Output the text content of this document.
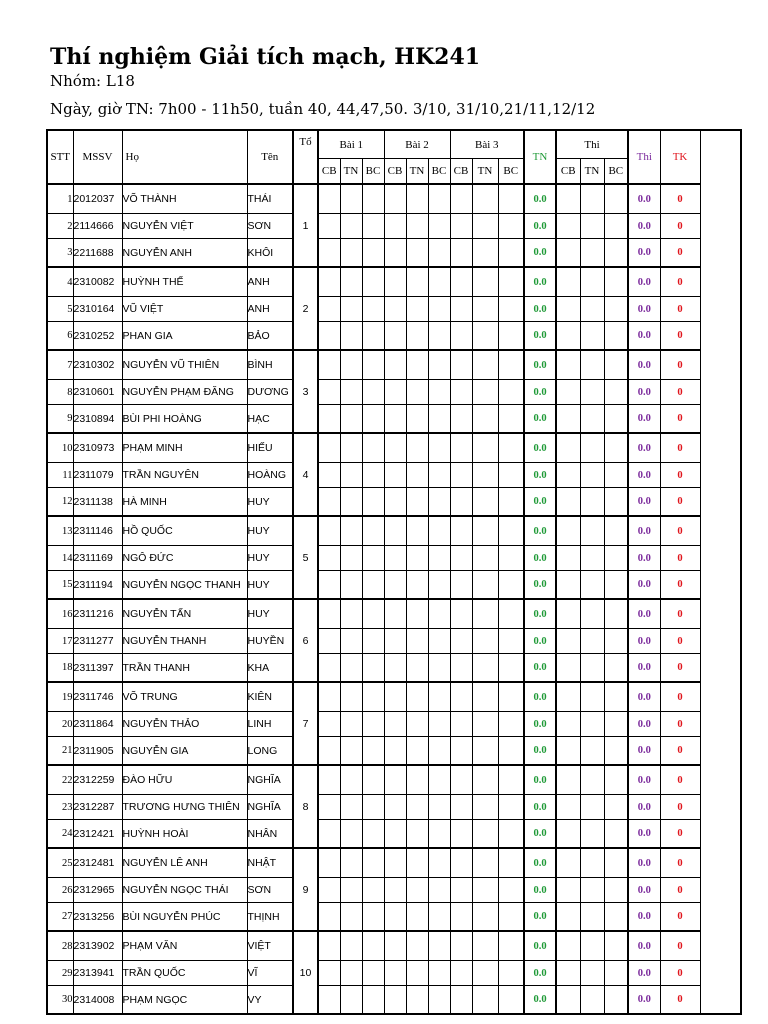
Thí nghiệm Giải tích mạch, HK241
Nhóm: L18
Ngày, giờ TN: 7h00 - 11h50, tuần 40, 44,47,50. 3/10, 31/10,21/11,12/12
STT	MSSV	Họ	Tên	Tổ	Bài 1			Bài 2			Bài 3			TN	Thi			Thi	TK
					CB	TN	BC	CB	TN	BC	CB	TN	BC		CB	TN	BC		
1	2012037	VÕ THÀNH	THÁI	1										0.0				0.0	0
2	2114666	NGUYỄN VIỆT	SƠN											0.0				0.0	0
3	2211688	NGUYỄN ANH	KHÔI											0.0				0.0	0
4	2310082	HUỲNH THẾ	ANH	2										0.0				0.0	0
5	2310164	VŨ VIỆT	ANH											0.0				0.0	0
6	2310252	PHAN GIA	BẢO											0.0				0.0	0
7	2310302	NGUYỄN VŨ THIÊN	BÌNH	3										0.0				0.0	0
8	2310601	NGUYỄN PHẠM ĐĂNG	DƯƠNG											0.0				0.0	0
9	2310894	BÙI PHI HOÀNG	HẠC											0.0				0.0	0
10	2310973	PHẠM MINH	HIẾU	4										0.0				0.0	0
11	2311079	TRẦN NGUYÊN	HOÀNG											0.0				0.0	0
12	2311138	HÀ MINH	HUY											0.0				0.0	0
13	2311146	HỒ QUỐC	HUY	5										0.0				0.0	0
14	2311169	NGÔ ĐỨC	HUY											0.0				0.0	0
15	2311194	NGUYỄN NGỌC THANH	HUY											0.0				0.0	0
16	2311216	NGUYỄN TẤN	HUY	6										0.0				0.0	0
17	2311277	NGUYỄN THANH	HUYỀN											0.0				0.0	0
18	2311397	TRẦN THANH	KHA											0.0				0.0	0
19	2311746	VÕ TRUNG	KIÊN	7										0.0				0.0	0
20	2311864	NGUYỄN THẢO	LINH											0.0				0.0	0
21	2311905	NGUYỄN GIA	LONG											0.0				0.0	0
22	2312259	ĐÀO HỮU	NGHĨA	8										0.0				0.0	0
23	2312287	TRƯƠNG HƯNG THIÊN	NGHĨA											0.0				0.0	0
24	2312421	HUỲNH HOÀI	NHÂN											0.0				0.0	0
25	2312481	NGUYỄN LÊ ANH	NHẬT	9										0.0				0.0	0
26	2312965	NGUYỄN NGỌC THÁI	SƠN											0.0				0.0	0
27	2313256	BÙI NGUYỄN PHÚC	THỊNH											0.0				0.0	0
28	2313902	PHẠM VĂN	VIỆT	10										0.0				0.0	0
29	2313941	TRẦN QUỐC	VĨ											0.0				0.0	0
30	2314008	PHẠM NGỌC	VY											0.0				0.0	0
